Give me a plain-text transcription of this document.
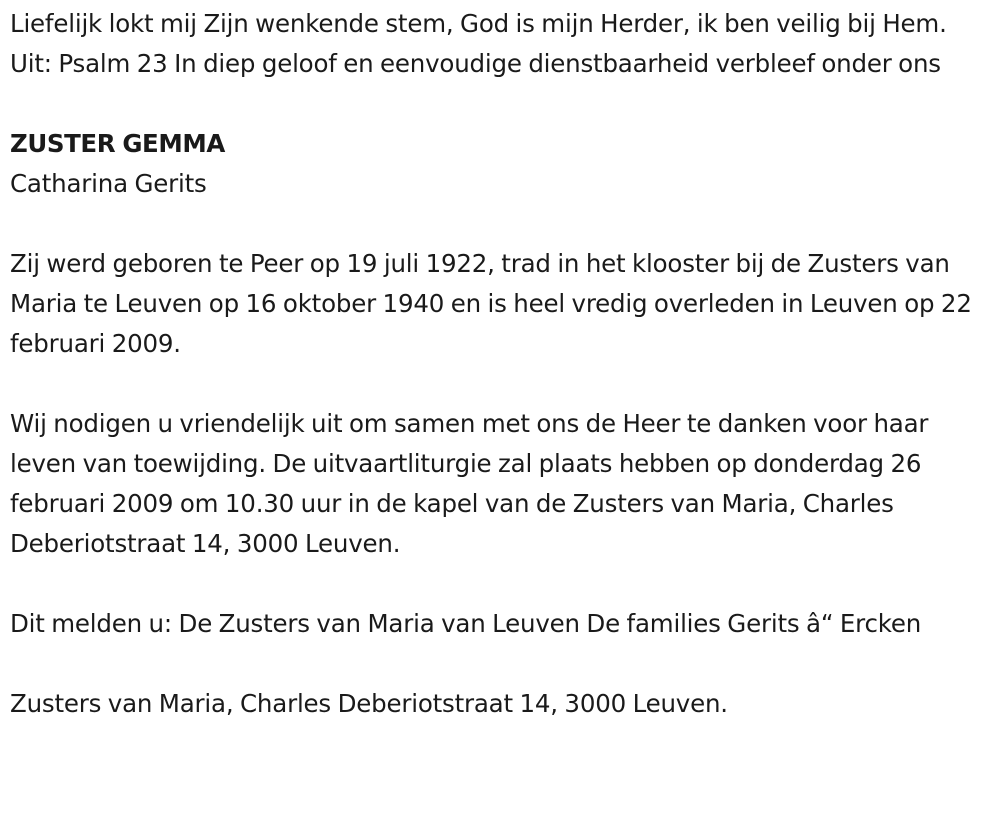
Liefelijk lokt mij Zijn wenkende stem, God is mijn Herder, ik ben veilig bij Hem. Uit: Psalm 23 In diep geloof en eenvoudige dienstbaarheid verbleef onder ons

ZUSTER GEMMA

Catharina Gerits

Zij werd geboren te Peer op 19 juli 1922, trad in het klooster bij de Zusters van Maria te Leuven op 16 oktober 1940 en is heel vredig overleden in Leuven op 22 februari 2009.

Wij nodigen u vriendelijk uit om samen met ons de Heer te danken voor haar leven van toewijding. De uitvaartliturgie zal plaats hebben op donderdag 26 februari 2009 om 10.30 uur in de kapel van de Zusters van Maria, Charles Deberiotstraat 14, 3000 Leuven.

Dit melden u: De Zusters van Maria van Leuven De families Gerits â“ Ercken

Zusters van Maria, Charles Deberiotstraat 14, 3000 Leuven.
